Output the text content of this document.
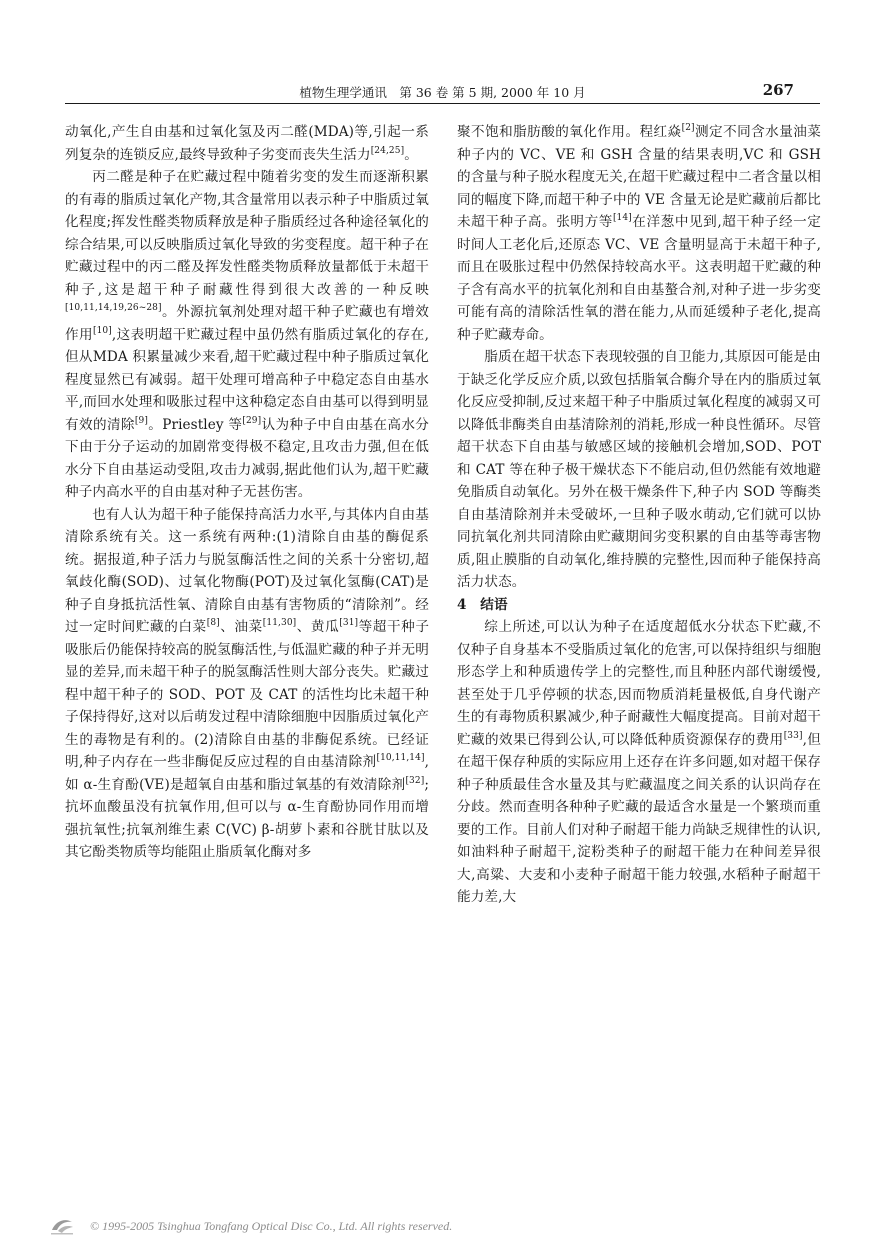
植物生理学通讯　第 36 卷 第 5 期, 2000 年 10 月	267

动氧化,产生自由基和过氧化氢及丙二醛(MDA)等,引起一系列复杂的连锁反应,最终导致种子劣变而丧失生活力[24,25]。

丙二醛是种子在贮藏过程中随着劣变的发生而逐渐积累的有毒的脂质过氧化产物,其含量常用以表示种子中脂质过氧化程度;挥发性醛类物质释放是种子脂质经过各种途径氧化的综合结果,可以反映脂质过氧化导致的劣变程度。超干种子在贮藏过程中的丙二醛及挥发性醛类物质释放量都低于未超干种子,这是超干种子耐藏性得到很大改善的一种反映[10,11,14,19,26~28]。外源抗氧剂处理对超干种子贮藏也有增效作用[10],这表明超干贮藏过程中虽仍然有脂质过氧化的存在,但从MDA 积累量减少来看,超干贮藏过程中种子脂质过氧化程度显然已有减弱。超干处理可增高种子中稳定态自由基水平,而回水处理和吸胀过程中这种稳定态自由基可以得到明显有效的清除[9]。Priestley 等[29]认为种子中自由基在高水分下由于分子运动的加剧常变得极不稳定,且攻击力强,但在低水分下自由基运动受阻,攻击力减弱,据此他们认为,超干贮藏种子内高水平的自由基对种子无甚伤害。

也有人认为超干种子能保持高活力水平,与其体内自由基清除系统有关。这一系统有两种:(1)清除自由基的酶促系统。据报道,种子活力与脱氢酶活性之间的关系十分密切,超氧歧化酶(SOD)、过氧化物酶(POT)及过氧化氢酶(CAT)是种子自身抵抗活性氧、清除自由基有害物质的“清除剂”。经过一定时间贮藏的白菜[8]、油菜[11,30]、黄瓜[31]等超干种子吸胀后仍能保持较高的脱氢酶活性,与低温贮藏的种子并无明显的差异,而未超干种子的脱氢酶活性则大部分丧失。贮藏过程中超干种子的 SOD、POT 及 CAT 的活性均比未超干种子保持得好,这对以后萌发过程中清除细胞中因脂质过氧化产生的毒物是有利的。(2)清除自由基的非酶促系统。已经证明,种子内存在一些非酶促反应过程的自由基清除剂[10,11,14],如 α-生育酚(VE)是超氧自由基和脂过氧基的有效清除剂[32];抗坏血酸虽没有抗氧作用,但可以与 α-生育酚协同作用而增强抗氧性;抗氧剂维生素 C(VC) β-胡萝卜素和谷胱甘肽以及其它酚类物质等均能阻止脂质氧化酶对多

聚不饱和脂肪酸的氧化作用。程红焱[2]测定不同含水量油菜种子内的 VC、VE 和 GSH 含量的结果表明,VC 和 GSH 的含量与种子脱水程度无关,在超干贮藏过程中二者含量以相同的幅度下降,而超干种子中的 VE 含量无论是贮藏前后都比未超干种子高。张明方等[14]在洋葱中见到,超干种子经一定时间人工老化后,还原态 VC、VE 含量明显高于未超干种子,而且在吸胀过程中仍然保持较高水平。这表明超干贮藏的种子含有高水平的抗氧化剂和自由基螯合剂,对种子进一步劣变可能有高的清除活性氧的潜在能力,从而延缓种子老化,提高种子贮藏寿命。

脂质在超干状态下表现较强的自卫能力,其原因可能是由于缺乏化学反应介质,以致包括脂氧合酶介导在内的脂质过氧化反应受抑制,反过来超干种子中脂质过氧化程度的减弱又可以降低非酶类自由基清除剂的消耗,形成一种良性循环。尽管超干状态下自由基与敏感区域的接触机会增加,SOD、POT 和 CAT 等在种子极干燥状态下不能启动,但仍然能有效地避免脂质自动氧化。另外在极干燥条件下,种子内 SOD 等酶类自由基清除剂并未受破坏,一旦种子吸水萌动,它们就可以协同抗氧化剂共同清除由贮藏期间劣变积累的自由基等毒害物质,阻止膜脂的自动氧化,维持膜的完整性,因而种子能保持高活力状态。

4　结语

综上所述,可以认为种子在适度超低水分状态下贮藏,不仅种子自身基本不受脂质过氧化的危害,可以保持组织与细胞形态学上和种质遗传学上的完整性,而且种胚内部代谢缓慢,甚至处于几乎停顿的状态,因而物质消耗量极低,自身代谢产生的有毒物质积累减少,种子耐藏性大幅度提高。目前对超干贮藏的效果已得到公认,可以降低种质资源保存的费用[33],但在超干保存种质的实际应用上还存在许多问题,如对超干保存种子种质最佳含水量及其与贮藏温度之间关系的认识尚存在分歧。然而查明各种种子贮藏的最适含水量是一个繁琐而重要的工作。目前人们对种子耐超干能力尚缺乏规律性的认识,如油料种子耐超干,淀粉类种子的耐超干能力在种间差异很大,高粱、大麦和小麦种子耐超干能力较强,水稻种子耐超干能力差,大

© 1995-2005 Tsinghua Tongfang Optical Disc Co., Ltd. All rights reserved.
